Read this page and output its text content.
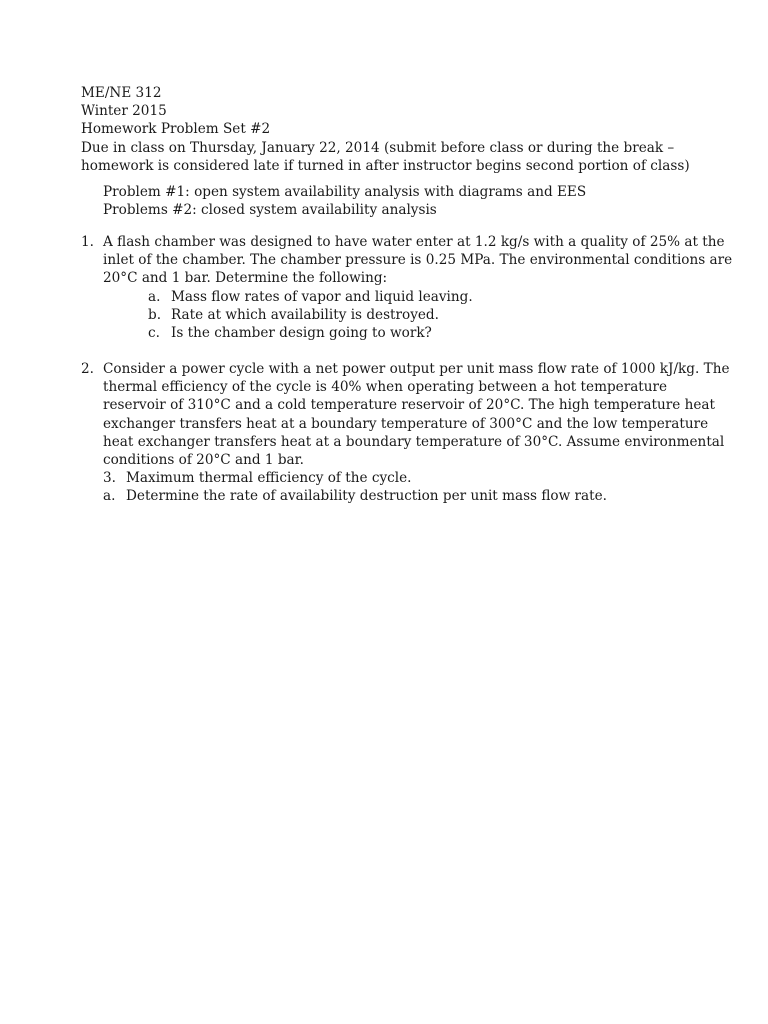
ME/NE 312
Winter 2015
Homework Problem Set #2
Due in class on Thursday, January 22, 2014 (submit before class or during the break –
homework is considered late if turned in after instructor begins second portion of class)
Problem #1: open system availability analysis with diagrams and EES
Problems #2: closed system availability analysis
1. A flash chamber was designed to have water enter at 1.2 kg/s with a quality of 25% at the
inlet of the chamber. The chamber pressure is 0.25 MPa. The environmental conditions are
20°C and 1 bar. Determine the following:
a. Mass flow rates of vapor and liquid leaving.
b. Rate at which availability is destroyed.
c. Is the chamber design going to work?
2. Consider a power cycle with a net power output per unit mass flow rate of 1000 kJ/kg. The
thermal efficiency of the cycle is 40% when operating between a hot temperature
reservoir of 310°C and a cold temperature reservoir of 20°C. The high temperature heat
exchanger transfers heat at a boundary temperature of 300°C and the low temperature
heat exchanger transfers heat at a boundary temperature of 30°C. Assume environmental
conditions of 20°C and 1 bar.
3. Maximum thermal efficiency of the cycle.
a. Determine the rate of availability destruction per unit mass flow rate.
